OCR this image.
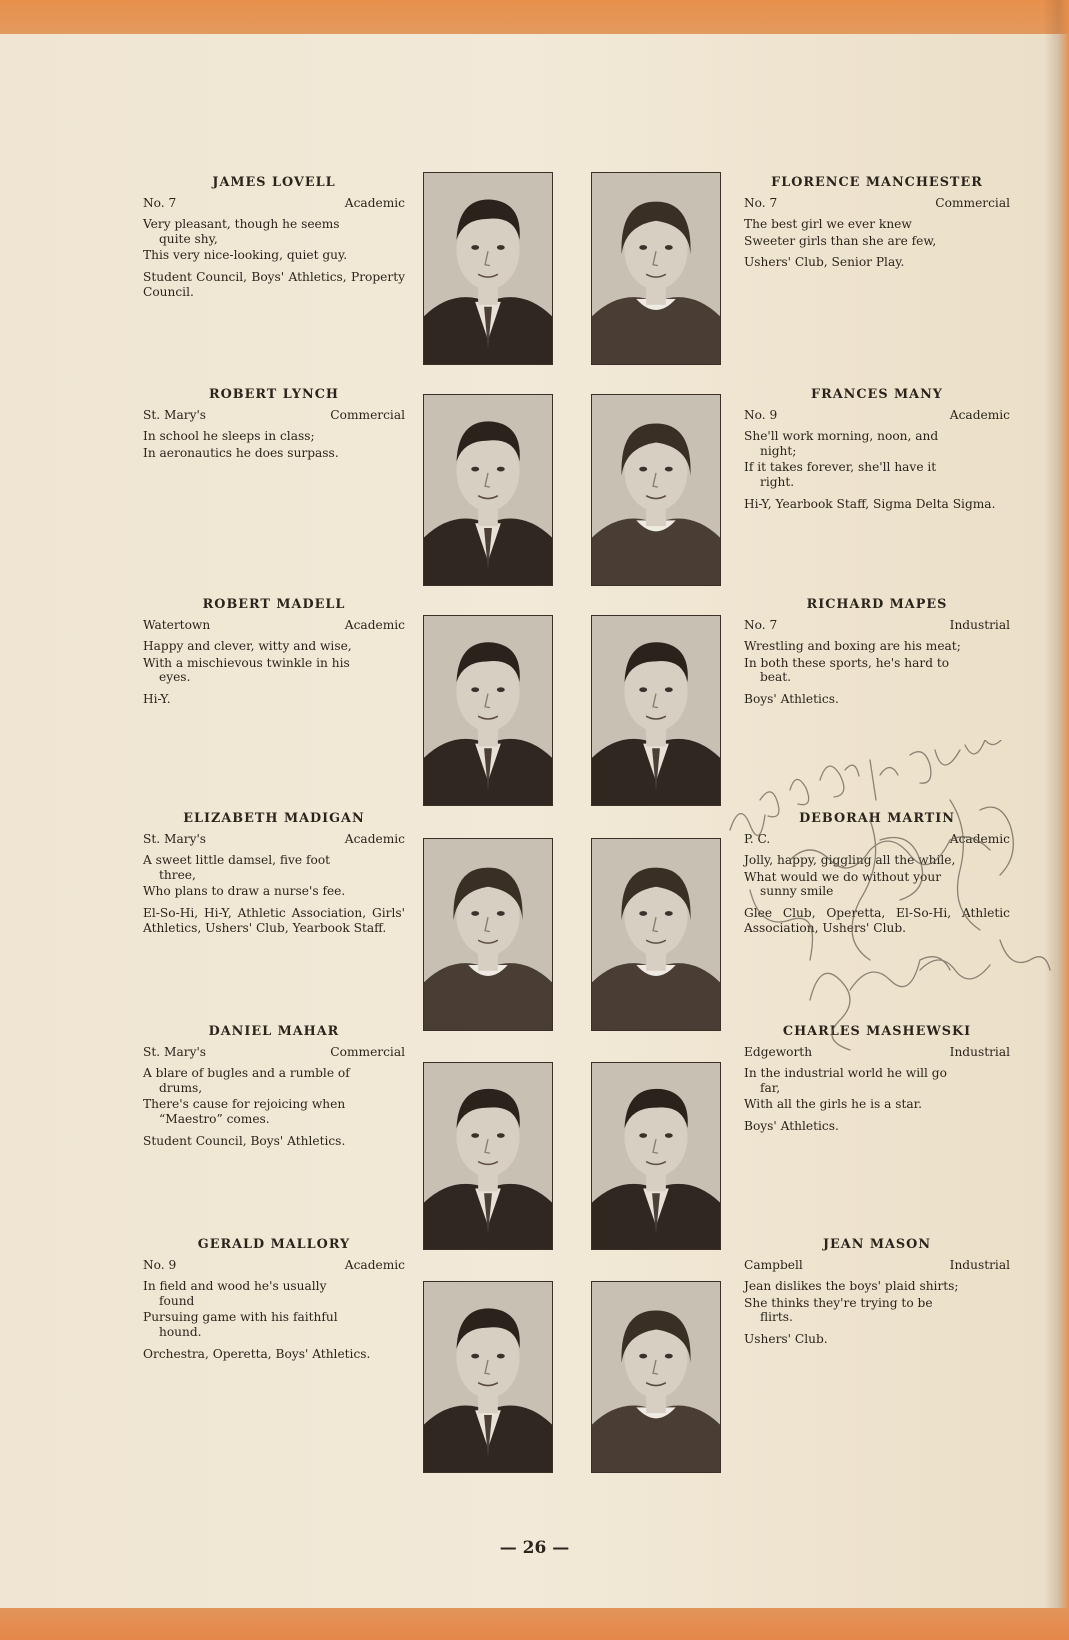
JAMES LOVELL
No. 7	Academic
Very pleasant, though he seems
quite shy,
This very nice-looking, quiet guy.
Student Council, Boys' Athletics, Property Council.
FLORENCE MANCHESTER
No. 7	Commercial
The best girl we ever knew
Sweeter girls than she are few,
Ushers' Club, Senior Play.
ROBERT LYNCH
St. Mary's	Commercial
In school he sleeps in class;
In aeronautics he does surpass.
FRANCES MANY
No. 9	Academic
She'll work morning, noon, and
night;
If it takes forever, she'll have it
right.
Hi-Y, Yearbook Staff, Sigma Delta Sigma.
ROBERT MADELL
Watertown	Academic
Happy and clever, witty and wise,
With a mischievous twinkle in his
eyes.
Hi-Y.
RICHARD MAPES
No. 7	Industrial
Wrestling and boxing are his meat;
In both these sports, he's hard to
beat.
Boys' Athletics.
ELIZABETH MADIGAN
St. Mary's	Academic
A sweet little damsel, five foot
three,
Who plans to draw a nurse's fee.
El-So-Hi, Hi-Y, Athletic Association, Girls' Athletics, Ushers' Club, Yearbook Staff.
DEBORAH MARTIN
P. C.	Academic
Jolly, happy, giggling all the while,
What would we do without your
sunny smile
Glee Club, Operetta, El-So-Hi, Athletic Association, Ushers' Club.
DANIEL MAHAR
St. Mary's	Commercial
A blare of bugles and a rumble of
drums,
There's cause for rejoicing when
“Maestro” comes.
Student Council, Boys' Athletics.
CHARLES MASHEWSKI
Edgeworth	Industrial
In the industrial world he will go
far,
With all the girls he is a star.
Boys' Athletics.
GERALD MALLORY
No. 9	Academic
In field and wood he's usually
found
Pursuing game with his faithful
hound.
Orchestra, Operetta, Boys' Athletics.
JEAN MASON
Campbell	Industrial
Jean dislikes the boys' plaid shirts;
She thinks they're trying to be
flirts.
Ushers' Club.
— 26 —
